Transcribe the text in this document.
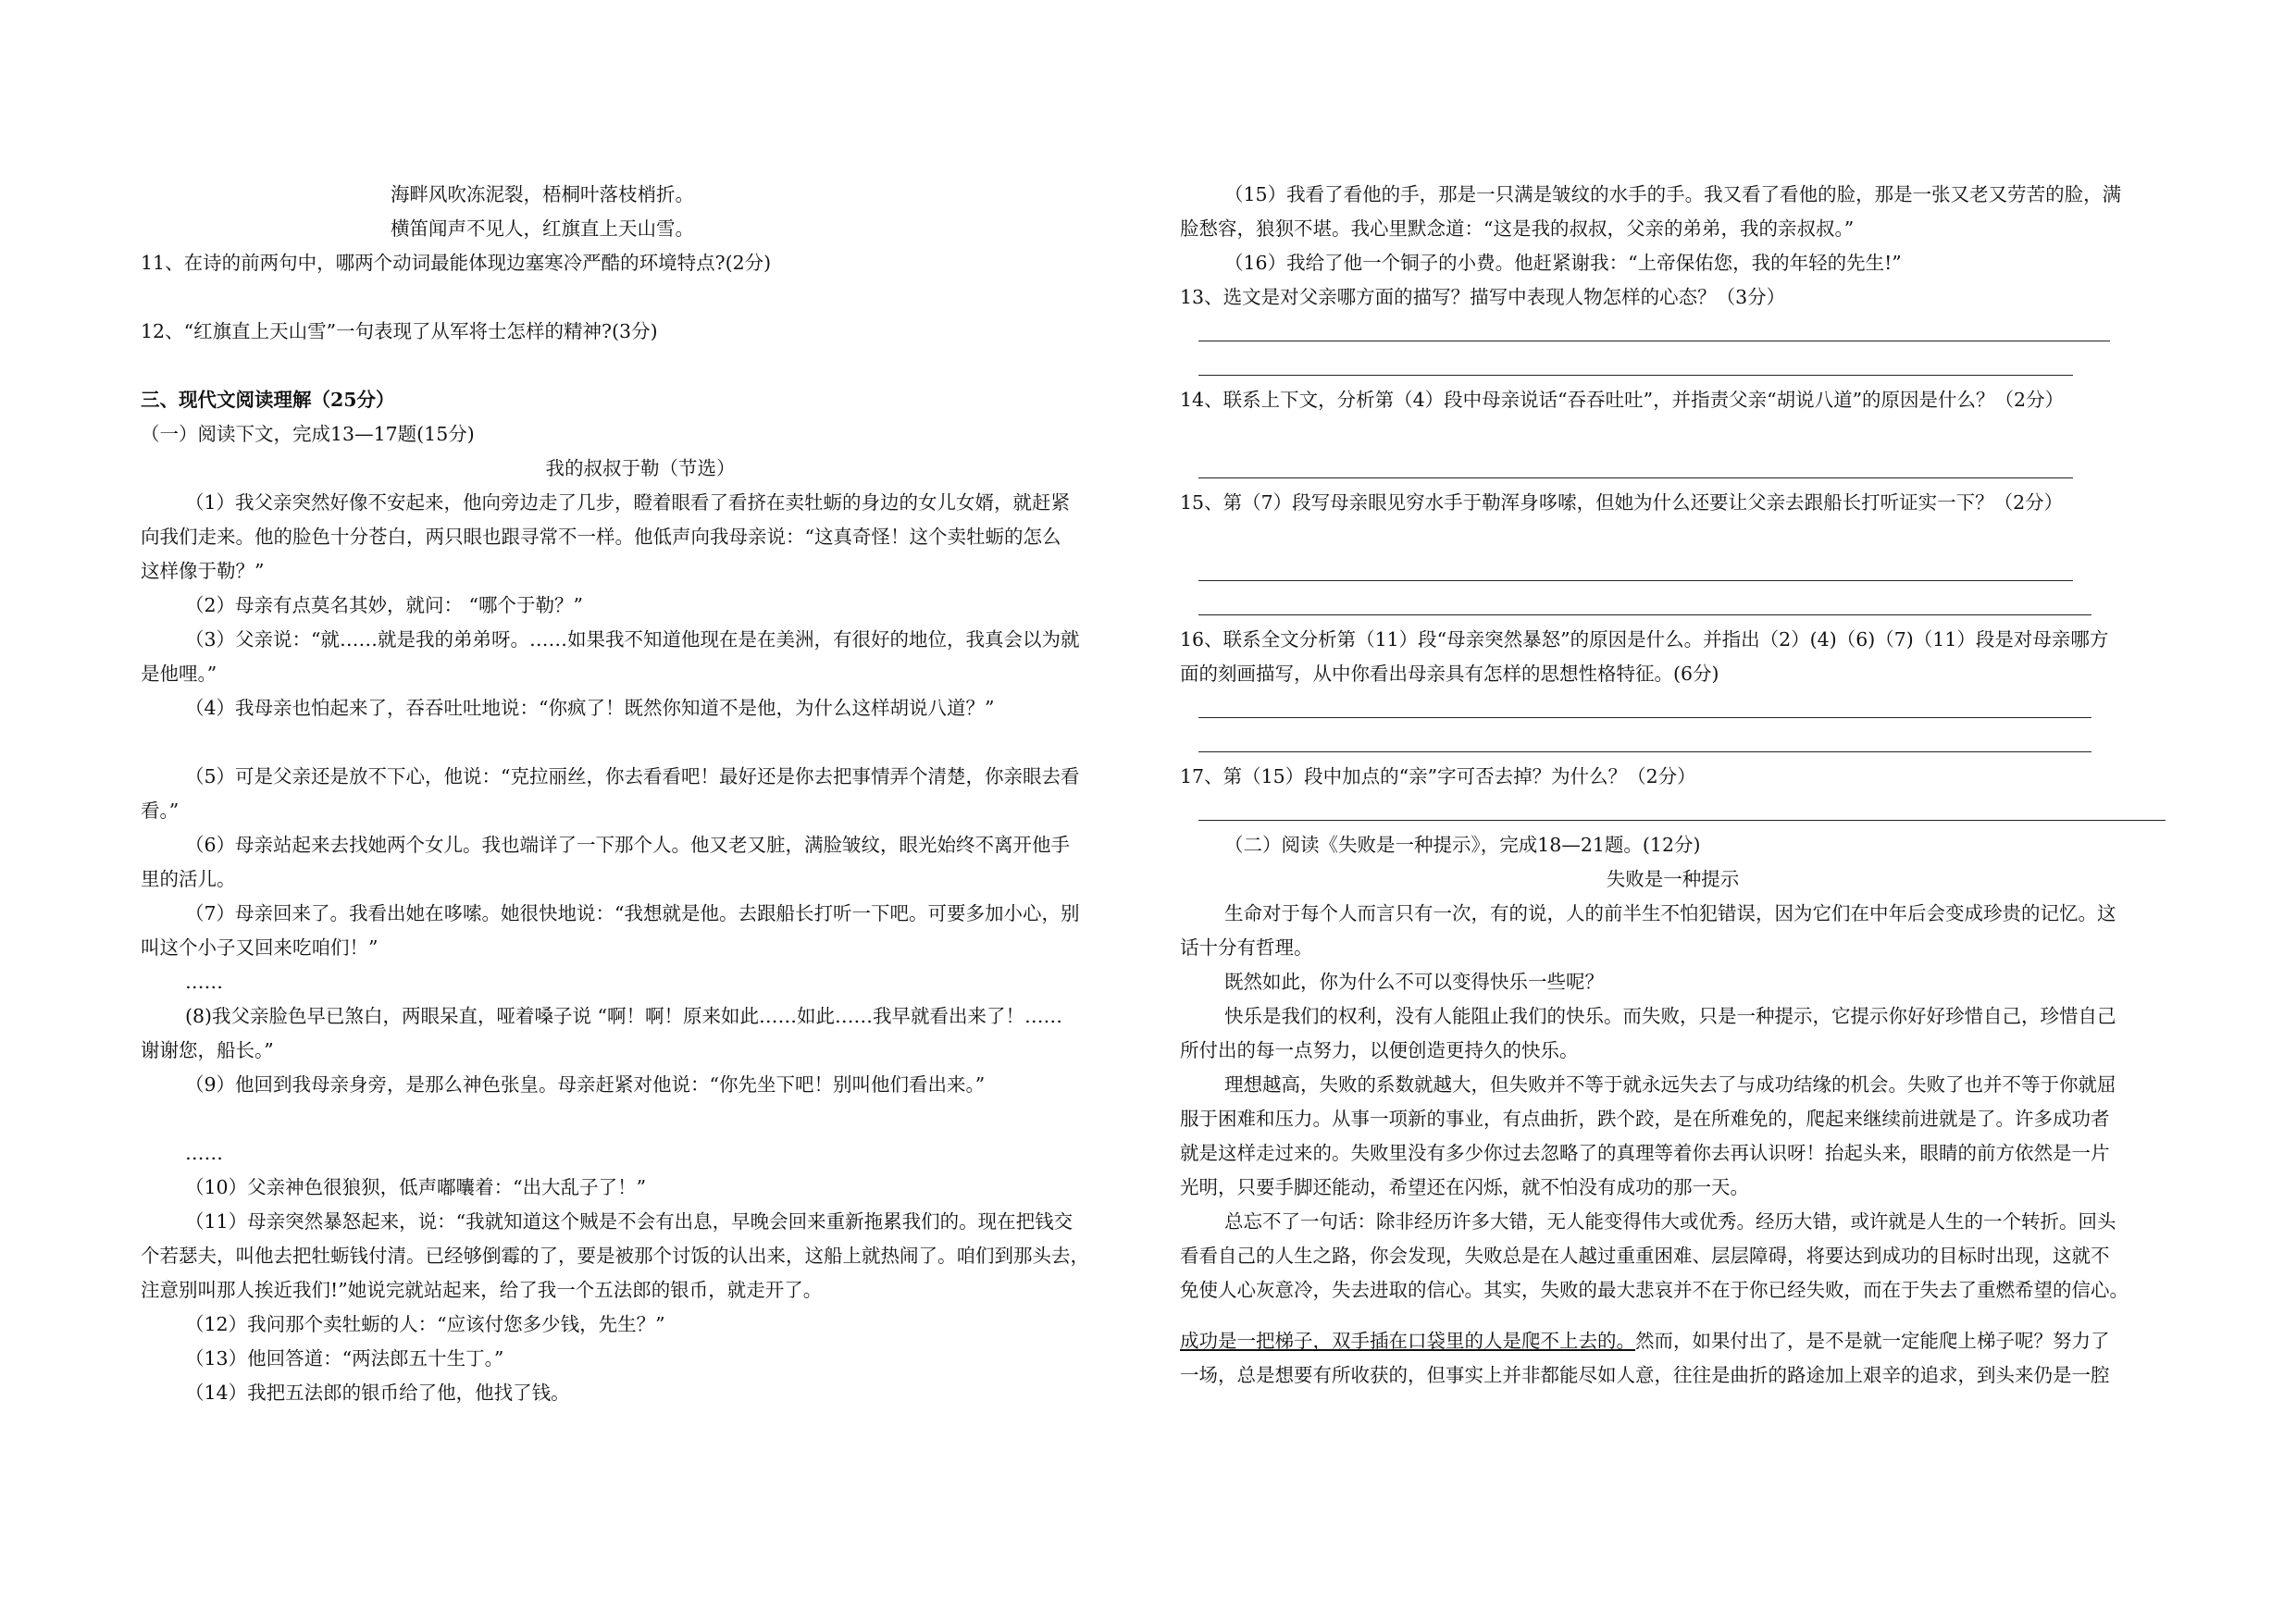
海畔风吹冻泥裂，梧桐叶落枝梢折。
横笛闻声不见人，红旗直上天山雪。
11、在诗的前两句中，哪两个动词最能体现边塞寒冷严酷的环境特点?(2分)
12、“红旗直上天山雪”一句表现了从军将士怎样的精神?(3分)
三、现代文阅读理解（25分）
（一）阅读下文，完成13—17题(15分)
我的叔叔于勒（节选）
（1）我父亲突然好像不安起来，他向旁边走了几步，瞪着眼看了看挤在卖牡蛎的身边的女儿女婿，就赶紧
向我们走来。他的脸色十分苍白，两只眼也跟寻常不一样。他低声向我母亲说：“这真奇怪！这个卖牡蛎的怎么
这样像于勒？”
（2）母亲有点莫名其妙，就问： “哪个于勒？”
（3）父亲说：“就……就是我的弟弟呀。……如果我不知道他现在是在美洲，有很好的地位，我真会以为就
是他哩。”
（4）我母亲也怕起来了，吞吞吐吐地说：“你疯了！既然你知道不是他，为什么这样胡说八道？”
（5）可是父亲还是放不下心，他说：“克拉丽丝，你去看看吧！最好还是你去把事情弄个清楚，你亲眼去看
看。”
（6）母亲站起来去找她两个女儿。我也端详了一下那个人。他又老又脏，满脸皱纹，眼光始终不离开他手
里的活儿。
（7）母亲回来了。我看出她在哆嗦。她很快地说：“我想就是他。去跟船长打听一下吧。可要多加小心，别
叫这个小子又回来吃咱们！”
……
(8)我父亲脸色早已煞白，两眼呆直，哑着嗓子说 “啊！啊！原来如此……如此……我早就看出来了！……
谢谢您，船长。”
（9）他回到我母亲身旁，是那么神色张皇。母亲赶紧对他说：“你先坐下吧！别叫他们看出来。”
……
（10）父亲神色很狼狈，低声嘟囔着：“出大乱子了！”
（11）母亲突然暴怒起来，说：“我就知道这个贼是不会有出息，早晚会回来重新拖累我们的。现在把钱交
个若瑟夫，叫他去把牡蛎钱付清。已经够倒霉的了，要是被那个讨饭的认出来，这船上就热闹了。咱们到那头去，
注意别叫那人挨近我们!”她说完就站起来，给了我一个五法郎的银币，就走开了。
（12）我问那个卖牡蛎的人：“应该付您多少钱，先生？”
（13）他回答道：“两法郎五十生丁。”
（14）我把五法郎的银币给了他，他找了钱。
（15）我看了看他的手，那是一只满是皱纹的水手的手。我又看了看他的脸，那是一张又老又劳苦的脸，满
脸愁容，狼狈不堪。我心里默念道：“这是我的叔叔，父亲的弟弟，我的亲叔叔。”
（16）我给了他一个铜子的小费。他赶紧谢我：“上帝保佑您，我的年轻的先生!”
13、选文是对父亲哪方面的描写？描写中表现人物怎样的心态？（3分）
14、联系上下文，分析第（4）段中母亲说话“吞吞吐吐”，并指责父亲“胡说八道”的原因是什么？（2分）
15、第（7）段写母亲眼见穷水手于勒浑身哆嗦，但她为什么还要让父亲去跟船长打听证实一下？（2分）
16、联系全文分析第（11）段“母亲突然暴怒”的原因是什么。并指出（2）(4)（6)（7)（11）段是对母亲哪方
面的刻画描写，从中你看出母亲具有怎样的思想性格特征。(6分)
17、第（15）段中加点的“亲”字可否去掉？为什么？（2分）
（二）阅读《失败是一种提示》，完成18—21题。(12分)
失败是一种提示
生命对于每个人而言只有一次，有的说，人的前半生不怕犯错误，因为它们在中年后会变成珍贵的记忆。这
话十分有哲理。
既然如此，你为什么不可以变得快乐一些呢？
快乐是我们的权利，没有人能阻止我们的快乐。而失败，只是一种提示，它提示你好好珍惜自己，珍惜自己
所付出的每一点努力，以便创造更持久的快乐。
理想越高，失败的系数就越大，但失败并不等于就永远失去了与成功结缘的机会。失败了也并不等于你就屈
服于困难和压力。从事一项新的事业，有点曲折，跌个跤，是在所难免的，爬起来继续前进就是了。许多成功者
就是这样走过来的。失败里没有多少你过去忽略了的真理等着你去再认识呀！抬起头来，眼睛的前方依然是一片
光明，只要手脚还能动，希望还在闪烁，就不怕没有成功的那一天。
总忘不了一句话：除非经历许多大错，无人能变得伟大或优秀。经历大错，或许就是人生的一个转折。回头
看看自己的人生之路，你会发现，失败总是在人越过重重困难、层层障碍，将要达到成功的目标时出现，这就不
免使人心灰意冷，失去进取的信心。其实，失败的最大悲哀并不在于你已经失败，而在于失去了重燃希望的信心。
成功是一把梯子，双手插在口袋里的人是爬不上去的。然而，如果付出了，是不是就一定能爬上梯子呢？努力了
一场，总是想要有所收获的，但事实上并非都能尽如人意，往往是曲折的路途加上艰辛的追求，到头来仍是一腔
